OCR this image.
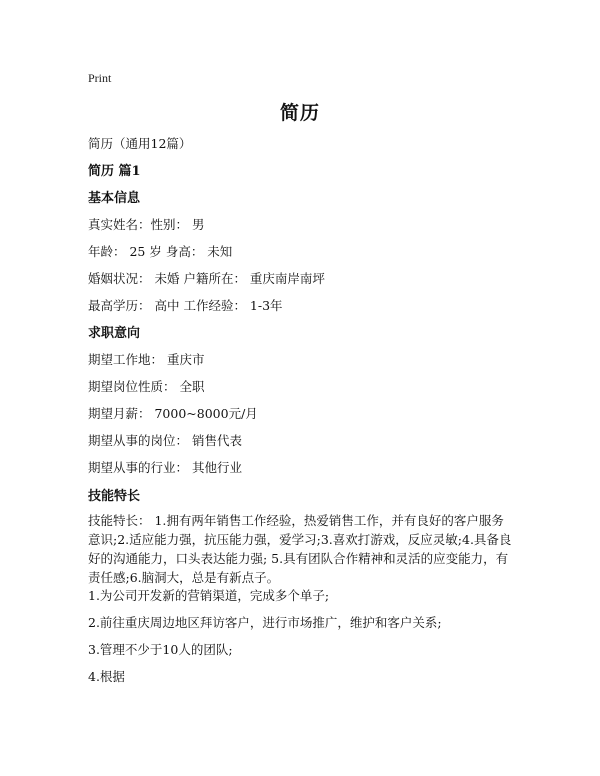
Print
简历
简历（通用12篇）
简历 篇1
基本信息
真实姓名：性别： 男
年龄： 25 岁 身高： 未知
婚姻状况： 未婚 户籍所在： 重庆南岸南坪
最高学历： 高中 工作经验： 1-3年
求职意向
期望工作地： 重庆市
期望岗位性质： 全职
期望月薪： 7000~8000元/月
期望从事的岗位： 销售代表
期望从事的行业： 其他行业
技能特长
技能特长： 1.拥有两年销售工作经验，热爱销售工作，并有良好的客户服务意识;2.适应能力强，抗压能力强，爱学习;3.喜欢打游戏，反应灵敏;4.具备良好的沟通能力，口头表达能力强; 5.具有团队合作精神和灵活的应变能力，有责任感;6.脑洞大，总是有新点子。
1.为公司开发新的营销渠道，完成多个单子;
2.前往重庆周边地区拜访客户，进行市场推广，维护和客户关系;
3.管理不少于10人的团队;
4.根据
